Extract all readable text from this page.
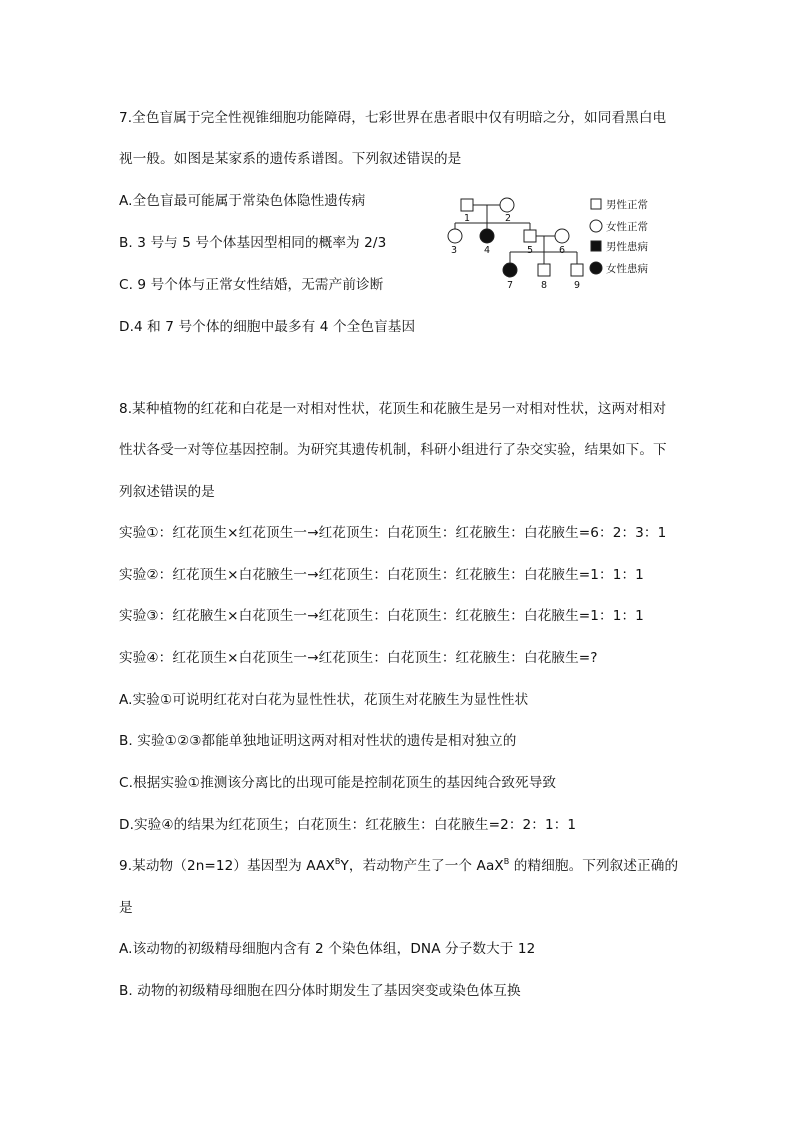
7.全色盲属于完全性视锥细胞功能障碍，七彩世界在患者眼中仅有明暗之分，如同看黑白电
视一般。如图是某家系的遗传系谱图。下列叙述错误的是
A.全色盲最可能属于常染色体隐性遗传病
B. 3 号与 5 号个体基因型相同的概率为 2/3
C. 9 号个体与正常女性结婚，无需产前诊断
D.4 和 7 号个体的细胞中最多有 4 个全色盲基因
1	2
3	4	5	6
7	8	9
男性正常
女性正常
男性患病
女性患病
8.某种植物的红花和白花是一对相对性状，花顶生和花腋生是另一对相对性状，这两对相对
性状各受一对等位基因控制。为研究其遗传机制，科研小组进行了杂交实验，结果如下。下
列叙述错误的是
实验①：红花顶生×红花顶生一→红花顶生：白花顶生：红花腋生：白花腋生=6：2：3：1
实验②：红花顶生×白花腋生一→红花顶生：白花顶生：红花腋生：白花腋生=1：1：1
实验③：红花腋生×白花顶生一→红花顶生：白花顶生：红花腋生：白花腋生=1：1：1
实验④：红花顶生×白花顶生一→红花顶生：白花顶生：红花腋生：白花腋生=?
A.实验①可说明红花对白花为显性性状，花顶生对花腋生为显性性状
B. 实验①②③都能单独地证明这两对相对性状的遗传是相对独立的
C.根据实验①推测该分离比的出现可能是控制花顶生的基因纯合致死导致
D.实验④的结果为红花顶生；白花顶生：红花腋生：白花腋生=2：2：1：1
9.某动物（2n=12）基因型为 $AAX^BY$，若动物产生了一个 AaX$^B$ 的精细胞。下列叙述正确的
是
A.该动物的初级精母细胞内含有 2 个染色体组，DNA 分子数大于 12
B. 动物的初级精母细胞在四分体时期发生了基因突变或染色体互换
